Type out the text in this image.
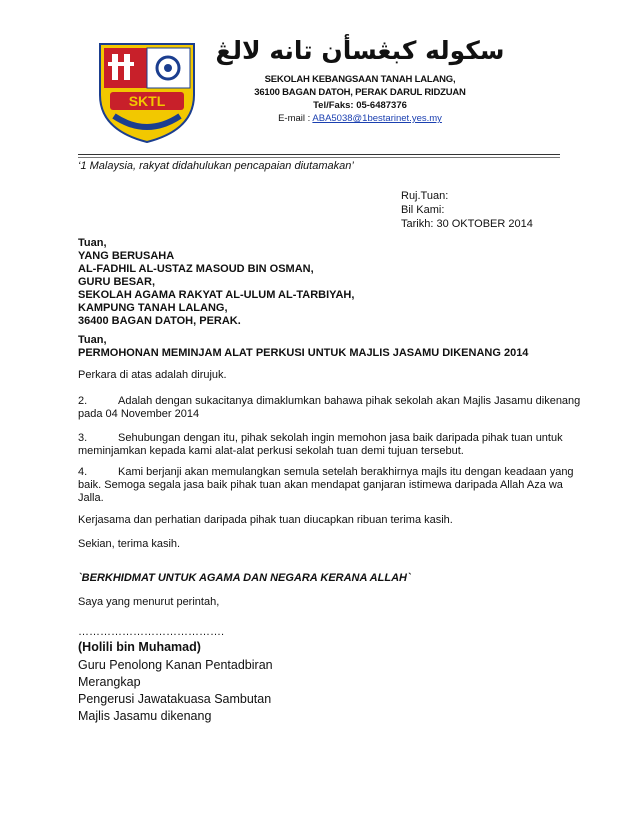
SKTL
سکوله کبڠسأن تانه لالڠ
SEKOLAH KEBANGSAAN TANAH LALANG,
36100 BAGAN DATOH, PERAK DARUL RIDZUAN
Tel/Faks: 05-6487376
E-mail : ABA5038@1bestarinet.yes.my
‘1 Malaysia, rakyat didahulukan pencapaian diutamakan’
Ruj.Tuan:
Bil Kami:
Tarikh: 30 OKTOBER 2014
Tuan,
YANG BERUSAHA
AL-FADHIL AL-USTAZ MASOUD BIN OSMAN,
GURU BESAR,
SEKOLAH AGAMA RAKYAT AL-ULUM AL-TARBIYAH,
KAMPUNG TANAH LALANG,
36400 BAGAN DATOH, PERAK.
Tuan,
PERMOHONAN MEMINJAM ALAT PERKUSI UNTUK MAJLIS JASAMU DIKENANG 2014
Perkara di atas adalah dirujuk.
2.	Adalah dengan sukacitanya dimaklumkan bahawa pihak sekolah akan Majlis Jasamu dikenang
pada 04 November 2014
3.	Sehubungan dengan itu, pihak sekolah ingin memohon jasa baik daripada pihak tuan untuk
meminjamkan kepada kami alat-alat perkusi sekolah tuan demi tujuan tersebut.
4.	Kami berjanji akan memulangkan semula setelah berakhirnya majls itu dengan keadaan yang
baik. Semoga segala jasa baik pihak tuan akan mendapat ganjaran istimewa daripada Allah Aza wa
Jalla.
Kerjasama dan perhatian daripada pihak tuan diucapkan ribuan terima kasih.
Sekian, terima kasih.
`BERKHIDMAT UNTUK AGAMA DAN NEGARA KERANA ALLAH`
Saya yang menurut perintah,
………………………………….
(Holili bin Muhamad)
Guru Penolong Kanan Pentadbiran
Merangkap
Pengerusi Jawatakuasa Sambutan
Majlis Jasamu dikenang
